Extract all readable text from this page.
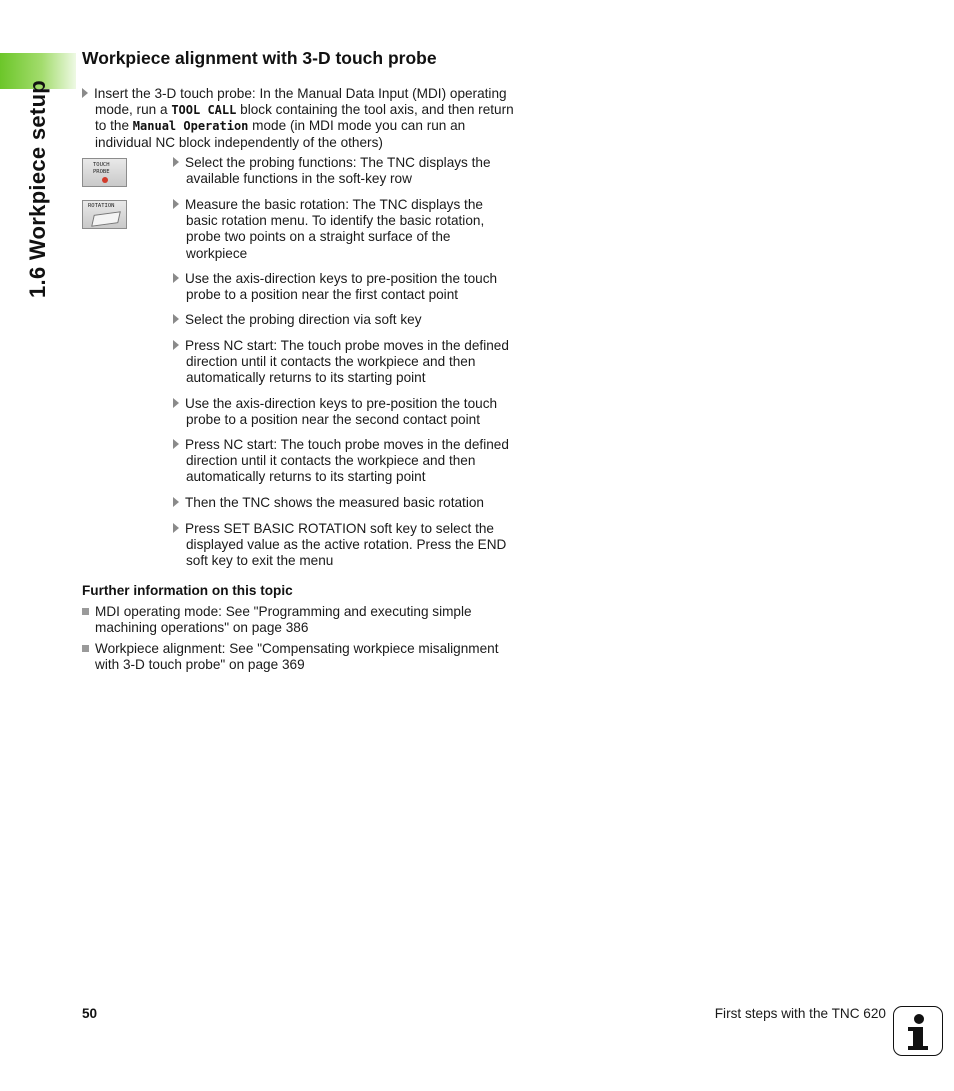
1.6 Workpiece setup
Workpiece alignment with 3-D touch probe

Insert the 3-D touch probe: In the Manual Data Input (MDI) operating
mode, run a TOOL CALL block containing the tool axis, and then return
to the Manual Operation mode (in MDI mode you can run an
individual NC block independently of the others)

TOUCH
PROBE
ROTATION

Select the probing functions: The TNC displays the
available functions in the soft-key row

Measure the basic rotation: The TNC displays the
basic rotation menu. To identify the basic rotation,
probe two points on a straight surface of the
workpiece

Use the axis-direction keys to pre-position the touch
probe to a position near the first contact point

Select the probing direction via soft key

Press NC start: The touch probe moves in the defined
direction until it contacts the workpiece and then
automatically returns to its starting point

Use the axis-direction keys to pre-position the touch
probe to a position near the second contact point

Press NC start: The touch probe moves in the defined
direction until it contacts the workpiece and then
automatically returns to its starting point

Then the TNC shows the measured basic rotation

Press SET BASIC ROTATION soft key to select the
displayed value as the active rotation. Press the END
soft key to exit the menu

Further information on this topic

MDI operating mode: See "Programming and executing simple
machining operations" on page 386

Workpiece alignment: See "Compensating workpiece misalignment
with 3-D touch probe" on page 369

50	First steps with the TNC 620
